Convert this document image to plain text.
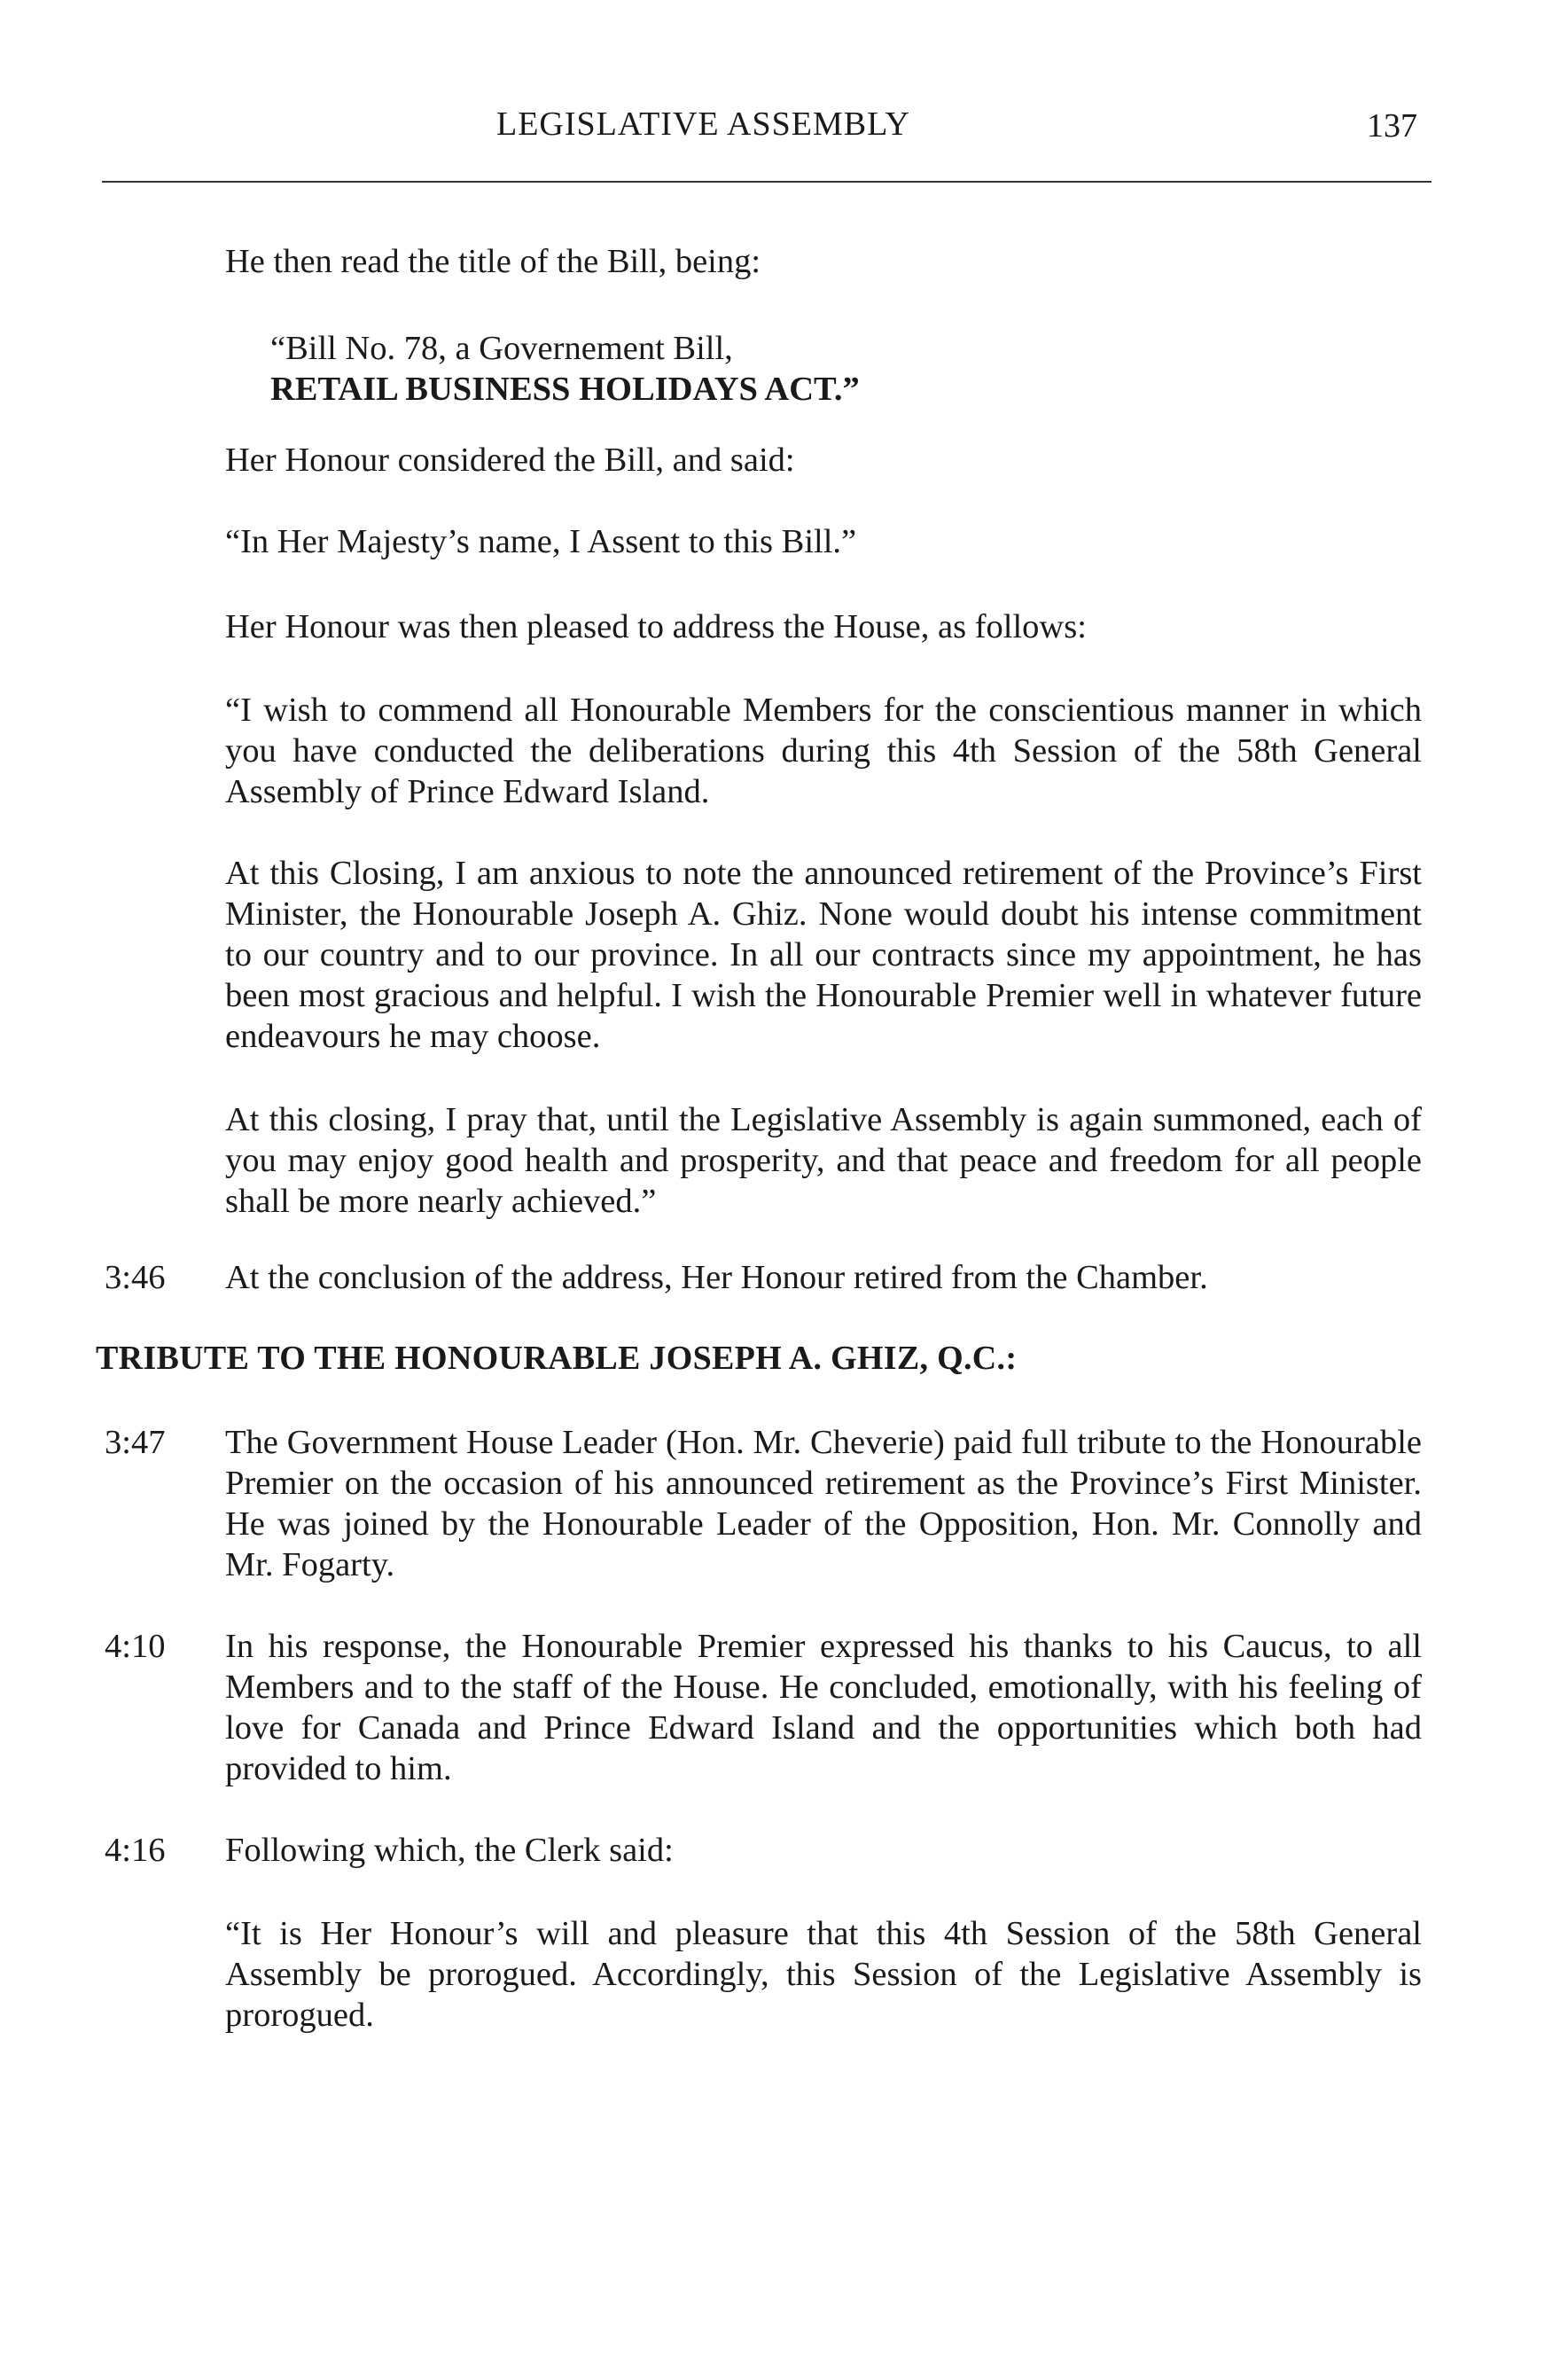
LEGISLATIVE ASSEMBLY	137

He then read the title of the Bill, being:

“Bill No. 78, a Governement Bill,

RETAIL BUSINESS HOLIDAYS ACT.”

Her Honour considered the Bill, and said:

“In Her Majesty’s name, I Assent to this Bill.”

Her Honour was then pleased to address the House, as follows:

“I wish to commend all Honourable Members for the conscientious manner in which you have conducted the deliberations during this 4th Session of the 58th General Assembly of Prince Edward Island.

At this Closing, I am anxious to note the announced retirement of the Province’s First Minister, the Honourable Joseph A. Ghiz. None would doubt his intense commitment to our country and to our province. In all our contracts since my appointment, he has been most gracious and helpful. I wish the Honourable Premier well in whatever future endeavours he may choose.

At this closing, I pray that, until the Legislative Assembly is again summoned, each of you may enjoy good health and prosperity, and that peace and freedom for all people shall be more nearly achieved.”

3:46	At the conclusion of the address, Her Honour retired from the Chamber.

TRIBUTE TO THE HONOURABLE JOSEPH A. GHIZ, Q.C.:
3:47	The Government House Leader (Hon. Mr. Cheverie) paid full tribute to the Honourable Premier on the occasion of his announced retirement as the Province’s First Minister. He was joined by the Honourable Leader of the Opposition, Hon. Mr. Connolly and Mr. Fogarty.

4:10	In his response, the Honourable Premier expressed his thanks to his Caucus, to all Members and to the staff of the House. He concluded, emotionally, with his feeling of love for Canada and Prince Edward Island and the opportunities which both had provided to him.

4:16	Following which, the Clerk said:

“It is Her Honour’s will and pleasure that this 4th Session of the 58th General Assembly be prorogued. Accordingly, this Session of the Legislative Assembly is prorogued.
